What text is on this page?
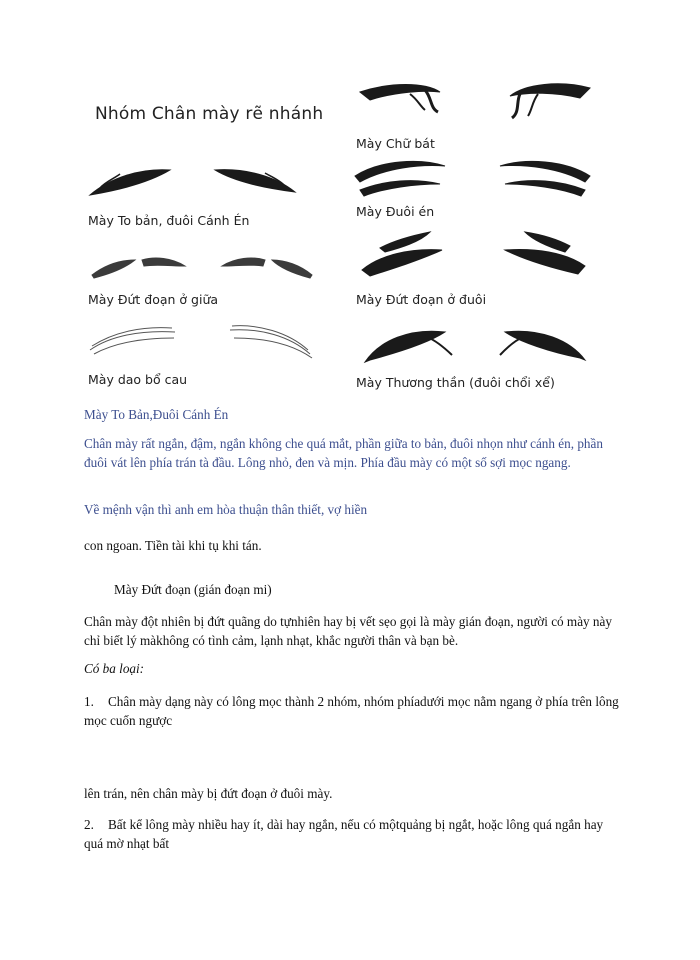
Nhóm Chân mày rẽ nhánh
Mày Chữ bát
Mày Đuôi én
Mày To bản, đuôi Cánh Én
Mày Đứt đoạn ở giữa	Mày Đứt đoạn ở đuôi
Mày dao bổ cau	Mày Thương thần (đuôi chổi xể)
Mày To Bản,Đuôi Cánh Én
Chân mày rất ngắn, đậm, ngắn không che quá mắt, phần giữa to bản, đuôi nhọn như cánh én, phần đuôi vát lên phía trán tà đầu. Lông nhỏ, đen và mịn. Phía đầu mày có một số sợi mọc ngang.
Về mệnh vận thì anh em hòa thuận thân thiết, vợ hiền
con ngoan. Tiền tài khi tụ khi tán.
Mày Đứt đoạn (gián đoạn mi)
Chân mày đột nhiên bị đứt quãng do tựnhiên hay bị vết sẹo gọi là mày gián đoạn, người có mày này chỉ biết lý màkhông có tình cảm, lạnh nhạt, khắc người thân và bạn bè.
Có ba loại:
1. Chân mày dạng này có lông mọc thành 2 nhóm, nhóm phíadưới mọc nằm ngang ở phía trên lông mọc cuốn ngược
lên trán, nên chân mày bị đứt đoạn ở đuôi mày.
2. Bất kể lông mày nhiều hay ít, dài hay ngắn, nếu có mộtquảng bị ngắt, hoặc lông quá ngắn hay quá mờ nhạt bất
